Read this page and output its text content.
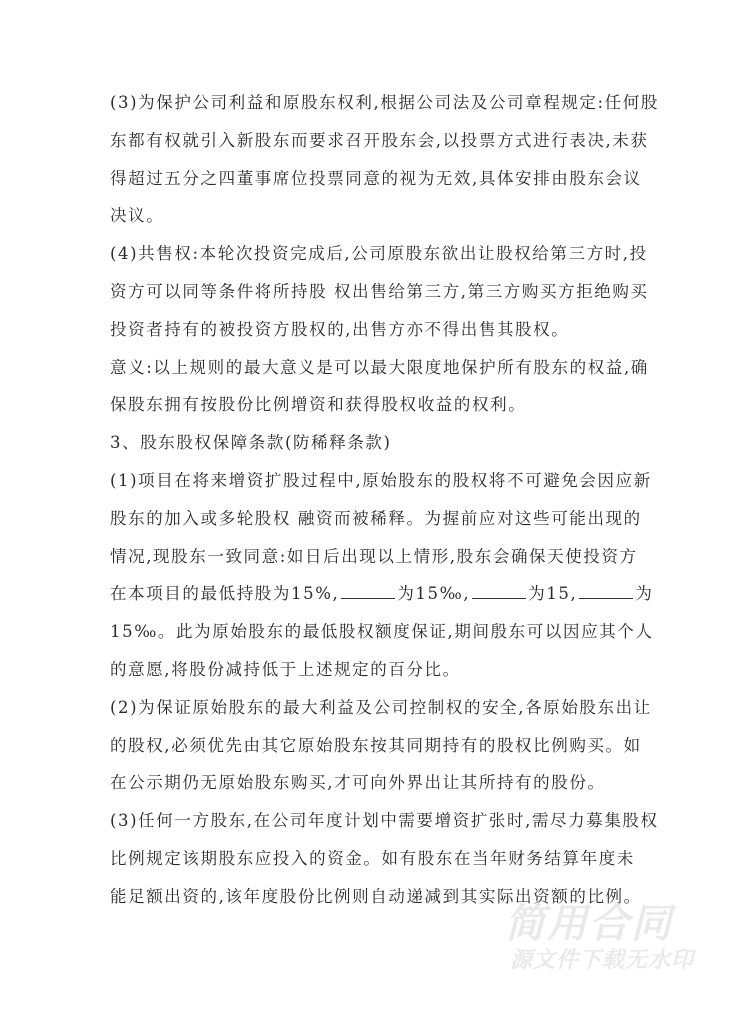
(3)为保护公司利益和原股东权利,根据公司法及公司章程规定:任何股
东都有权就引入新股东而要求召开股东会,以投票方式进行表决,未获
得超过五分之四董事席位投票同意的视为无效,具体安排由股东会议
决议。
(4)共售权:本轮次投资完成后,公司原股东欲出让股权给第三方时,投
资方可以同等条件将所持股 权出售给第三方,第三方购买方拒绝购买
投资者持有的被投资方股权的,出售方亦不得出售其股权。
意义:以上规则的最大意义是可以最大限度地保护所有股东的权益,确
保股东拥有按股份比例增资和获得股权收益的权利。
3、股东股权保障条款(防稀释条款)
(1)项目在将来增资扩股过程中,原始股东的股权将不可避免会因应新
股东的加入或多轮股权 融资而被稀释。为握前应对这些可能出现的
情况,现股东一致同意:如日后出现以上情形,股东会确保天使投资方
在本项目的最低持股为15%,	为15‰,	为15,	为
15‰。此为原始股东的最低股权额度保证,期间殷东可以因应其个人
的意愿,将股份减持低于上述规定的百分比。
(2)为保证原始股东的最大利益及公司控制权的安全,各原始股东出让
的股权,必须优先由其它原始股东按其同期持有的股权比例购买。如
在公示期仍无原始股东购买,才可向外界出让其所持有的股份。
(3)任何一方股东,在公司年度计划中需要增资扩张时,需尽力募集股权
比例规定该期股东应投入的资金。如有股东在当年财务结算年度未
能足额出资的,该年度股份比例则自动递减到其实际出资额的比例。
简用合同
源文件下载无水印
